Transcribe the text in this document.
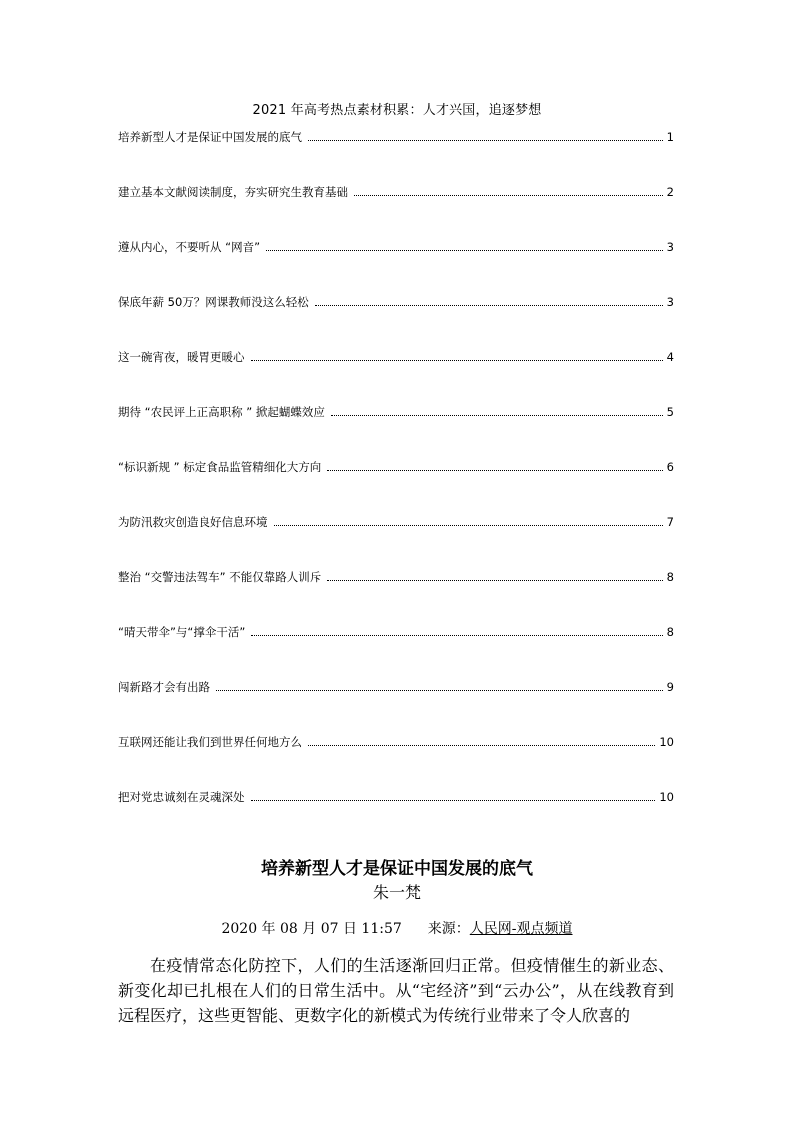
2021 年高考热点素材积累：人才兴国，追逐梦想
培养新型人才是保证中国发展的底气	1
建立基本文献阅读制度，夯实研究生教育基础	2
遵从内心，不要听从 “网音”	3
保底年薪 50万？网课教师没这么轻松	3
这一碗宵夜，暖胃更暖心	4
期待 “农民评上正高职称 ” 掀起蝴蝶效应	5
“标识新规 ” 标定食品监管精细化大方向	6
为防汛救灾创造良好信息环境	7
整治 “交警违法驾车” 不能仅靠路人训斥	8
“晴天带伞”与“撑伞干活”	8
闯新路才会有出路	9
互联网还能让我们到世界任何地方么	10
把对党忠诚刻在灵魂深处	10
培养新型人才是保证中国发展的底气
朱一梵
2020 年 08 月 07 日 11:57 来源：人民网-观点频道

在疫情常态化防控下，人们的生活逐渐回归正常。但疫情催生的新业态、新变化却已扎根在人们的日常生活中。从“宅经济”到“云办公”，从在线教育到远程医疗，这些更智能、更数字化的新模式为传统行业带来了令人欣喜的
